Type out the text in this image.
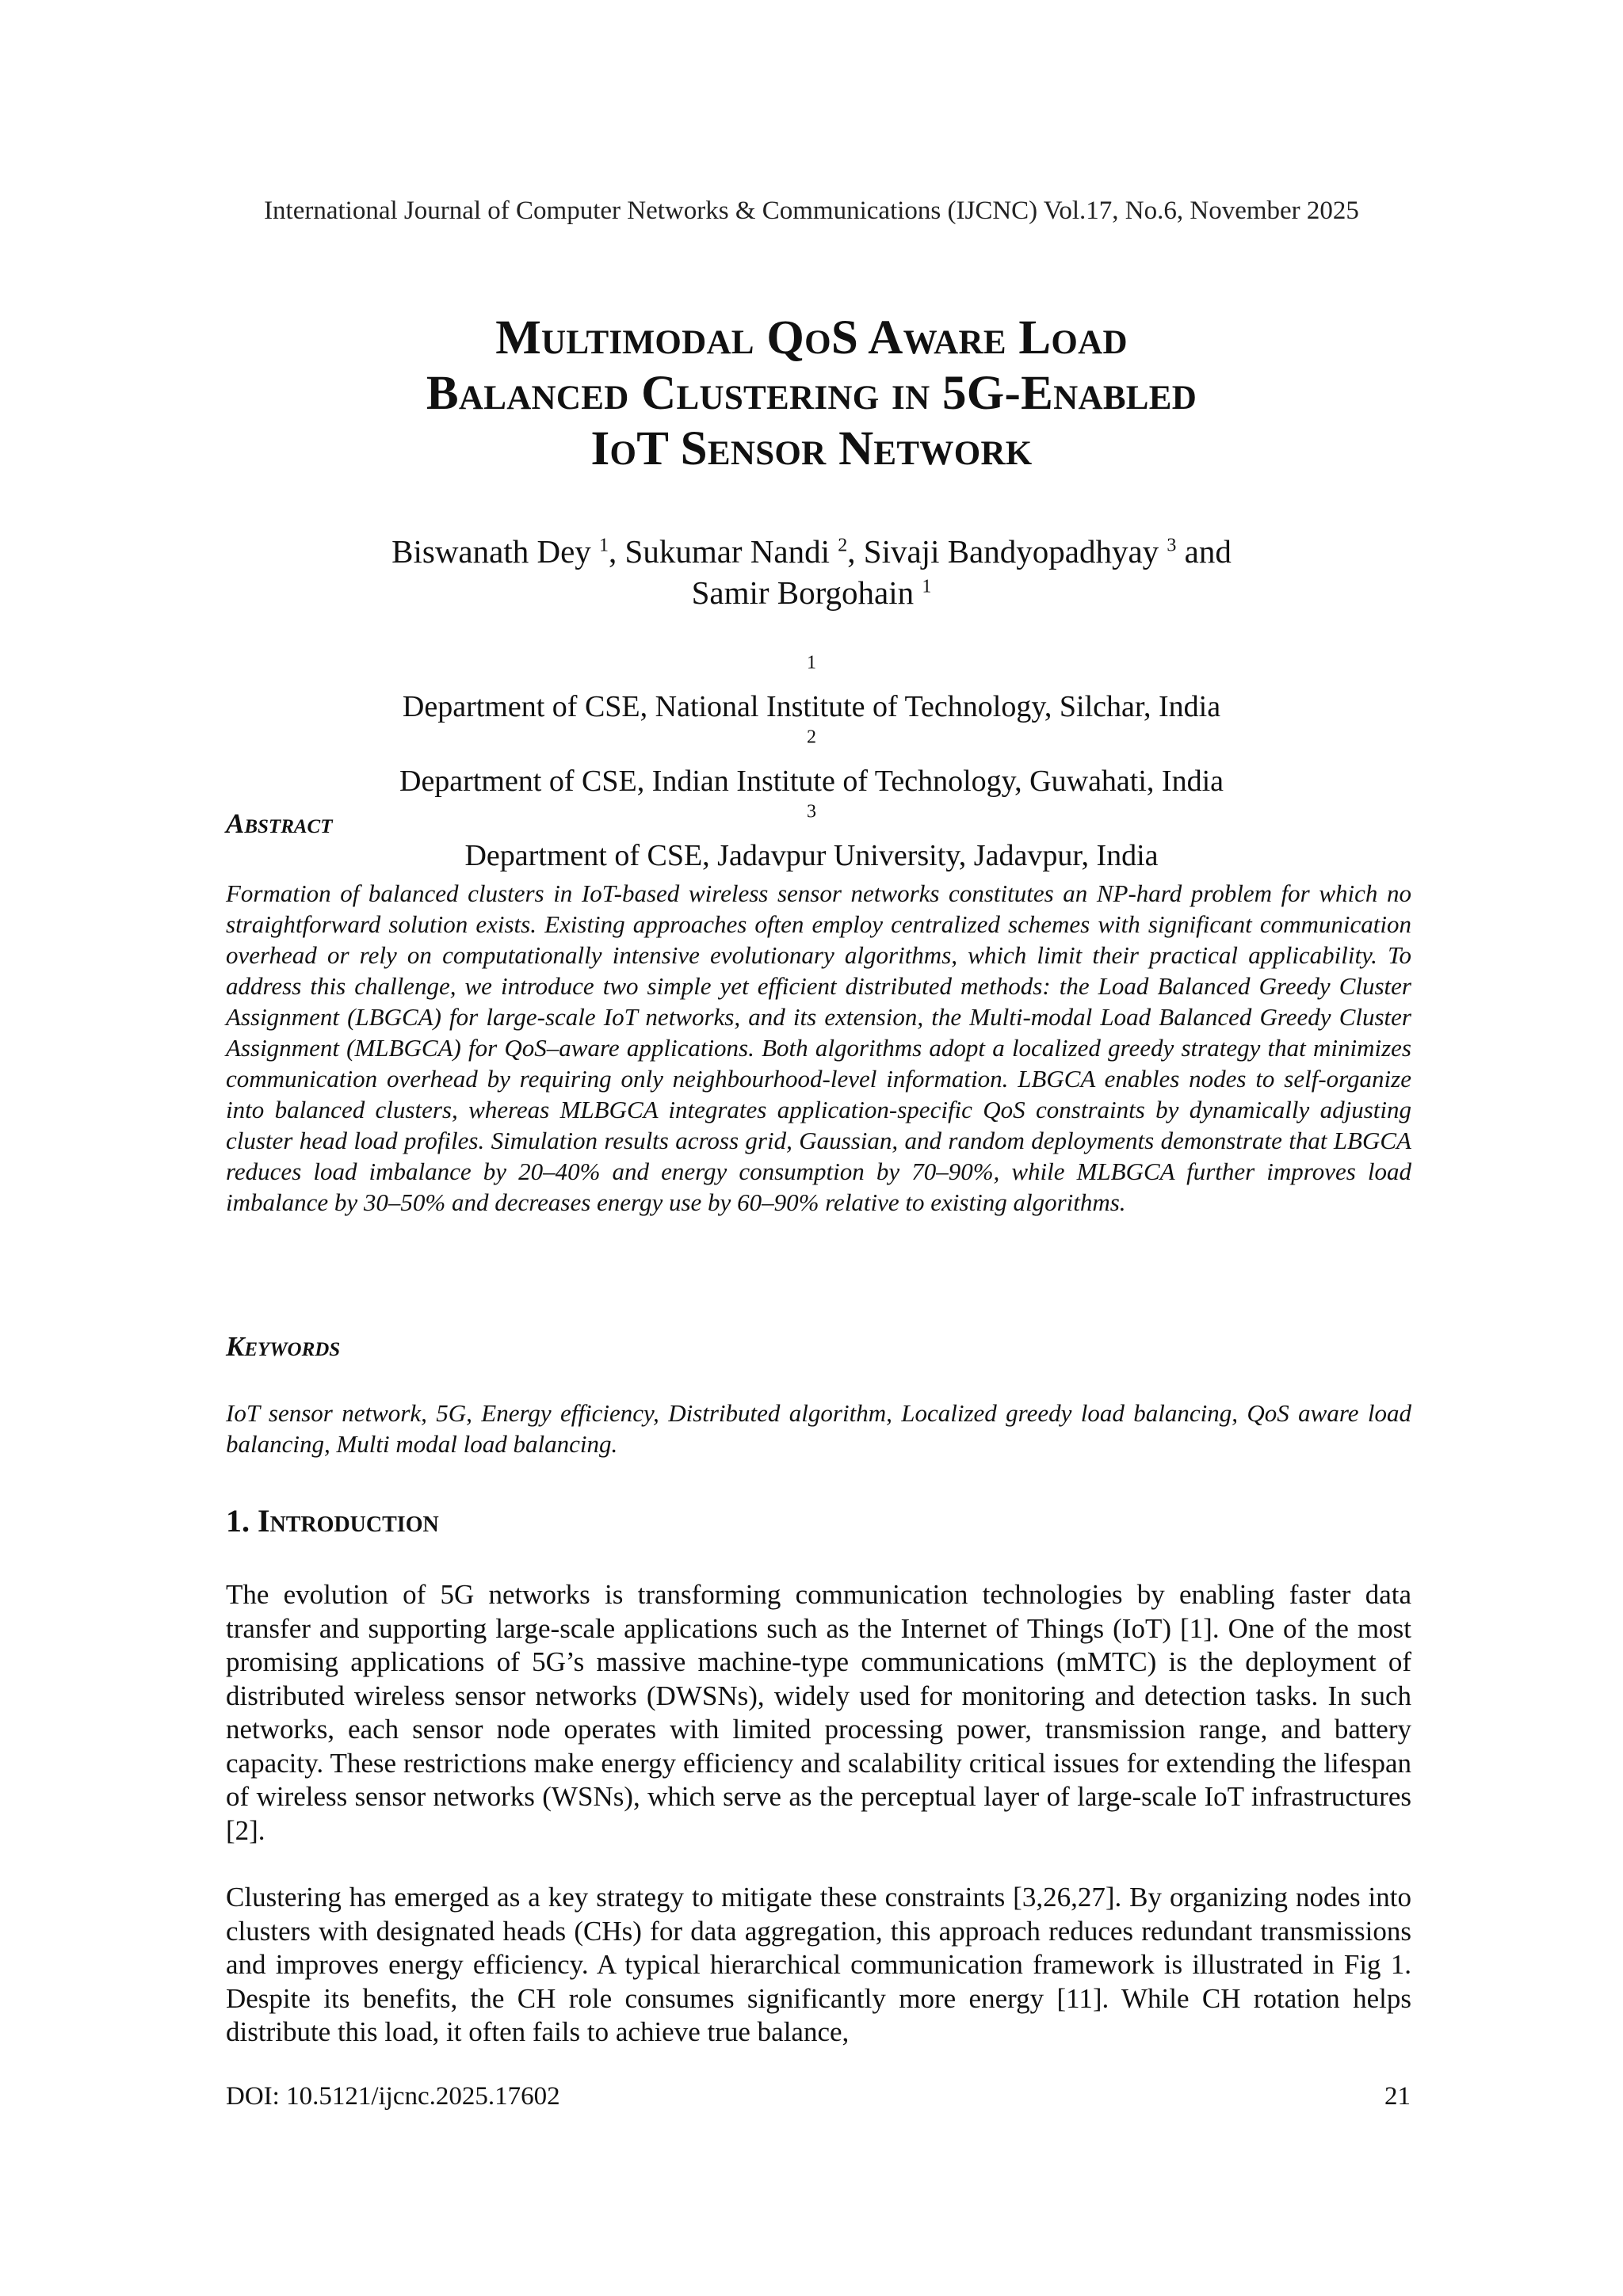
International Journal of Computer Networks & Communications (IJCNC) Vol.17, No.6, November 2025
Multimodal QoS Aware Load
Balanced Clustering in 5G-Enabled
IoT Sensor Network
Biswanath Dey $^1$, Sukumar Nandi $^2$, Sivaji Bandyopadhyay $^3$ and
Samir Borgohain $^1$
$^1$
Department of CSE, National Institute of Technology, Silchar, India
$^2$
Department of CSE, Indian Institute of Technology, Guwahati, India
$^3$
Department of CSE, Jadavpur University, Jadavpur, India
Abstract
Formation of balanced clusters in IoT-based wireless sensor networks constitutes an NP-hard problem for which no straightforward solution exists. Existing approaches often employ centralized schemes with significant communication overhead or rely on computationally intensive evolutionary algorithms, which limit their practical applicability. To address this challenge, we introduce two simple yet efficient distributed methods: the Load Balanced Greedy Cluster Assignment (LBGCA) for large-scale IoT networks, and its extension, the Multi-modal Load Balanced Greedy Cluster Assignment (MLBGCA) for QoS–aware applications. Both algorithms adopt a localized greedy strategy that minimizes communication overhead by requiring only neighbourhood-level information. LBGCA enables nodes to self-organize into balanced clusters, whereas MLBGCA integrates application-specific QoS constraints by dynamically adjusting cluster head load profiles. Simulation results across grid, Gaussian, and random deployments demonstrate that LBGCA reduces load imbalance by 20–40% and energy consumption by 70–90%, while MLBGCA further improves load imbalance by 30–50% and decreases energy use by 60–90% relative to existing algorithms.
Keywords
IoT sensor network, 5G, Energy efficiency, Distributed algorithm, Localized greedy load balancing, QoS aware load balancing, Multi modal load balancing.
1. Introduction
The evolution of 5G networks is transforming communication technologies by enabling faster data transfer and supporting large-scale applications such as the Internet of Things (IoT) [1]. One of the most promising applications of 5G’s massive machine-type communications (mMTC) is the deployment of distributed wireless sensor networks (DWSNs), widely used for monitoring and detection tasks. In such networks, each sensor node operates with limited processing power, transmission range, and battery capacity. These restrictions make energy efficiency and scalability critical issues for extending the lifespan of wireless sensor networks (WSNs), which serve as the perceptual layer of large-scale IoT infrastructures [2].
Clustering has emerged as a key strategy to mitigate these constraints [3,26,27]. By organizing nodes into clusters with designated heads (CHs) for data aggregation, this approach reduces redundant transmissions and improves energy efficiency. A typical hierarchical communication framework is illustrated in Fig 1. Despite its benefits, the CH role consumes significantly more energy [11]. While CH rotation helps distribute this load, it often fails to achieve true balance,
DOI: 10.5121/ijcnc.2025.17602	21
